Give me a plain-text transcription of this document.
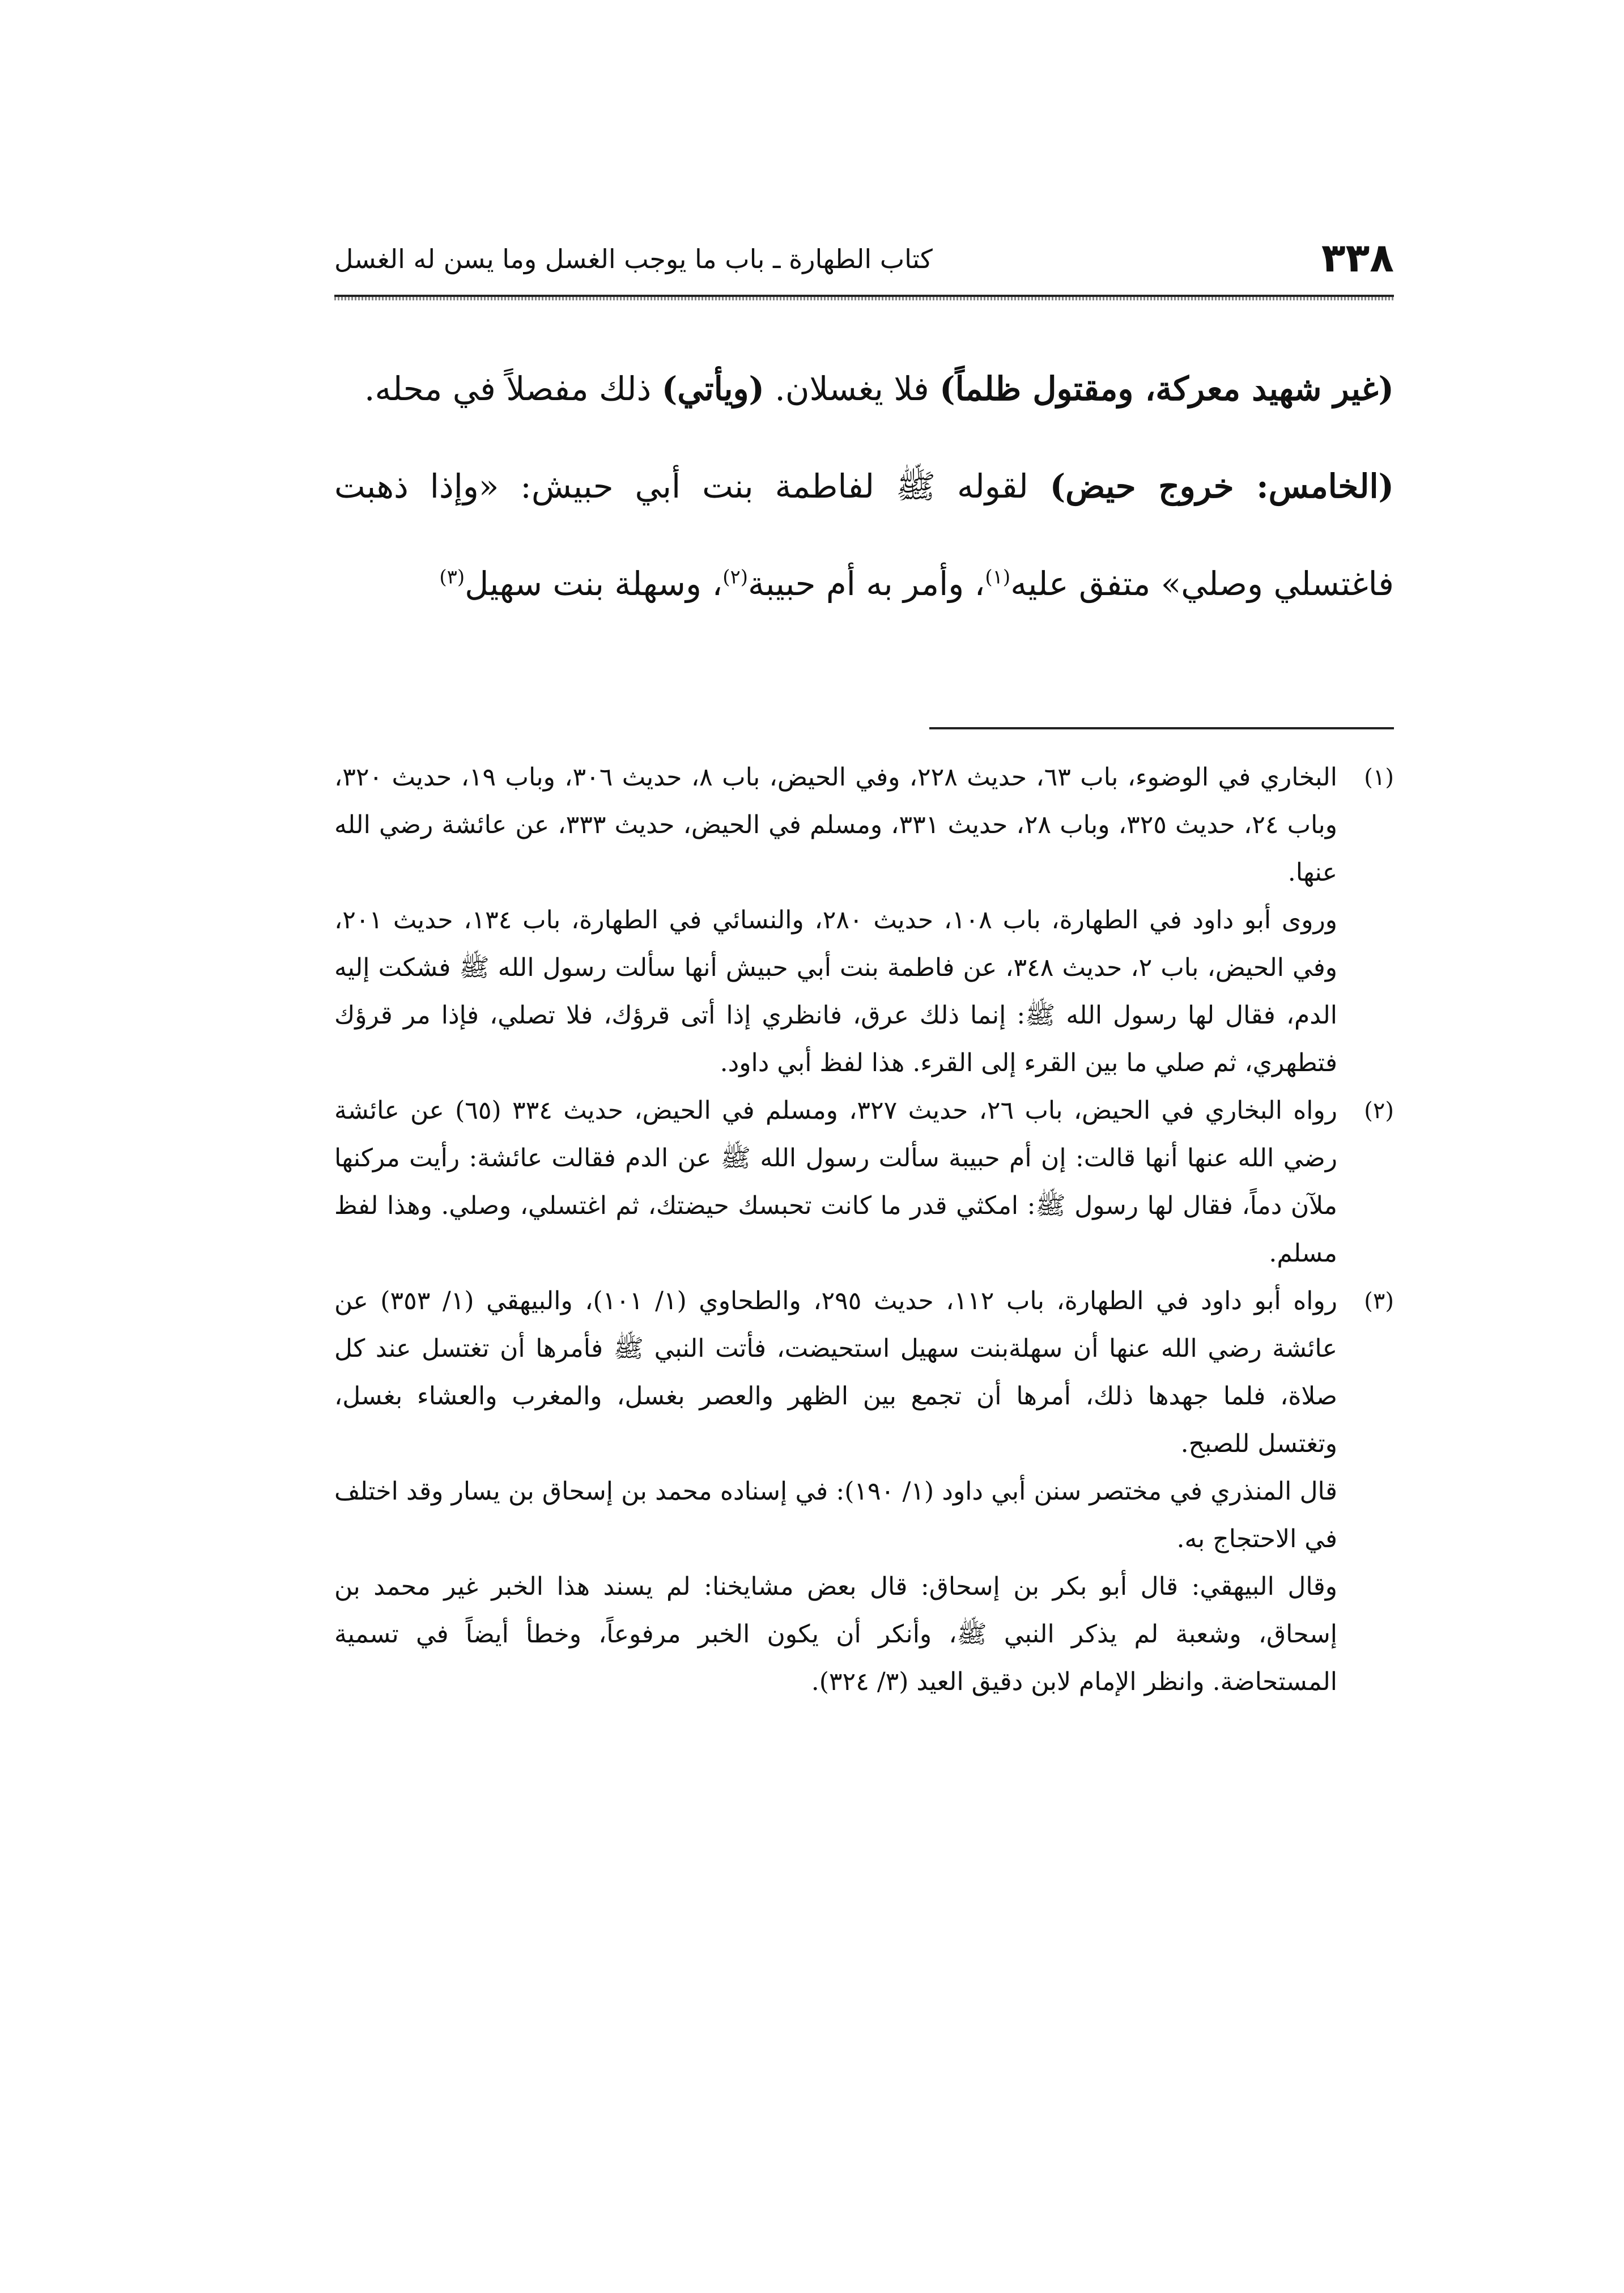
٣٣٨
كتاب الطهارة ـ باب ما يوجب الغسل وما يسن له الغسل

(غير شهيد معركة، ومقتول ظلماً) فلا يغسلان. (ويأتي) ذلك مفصلاً في محله.

(الخامس: خروج حيض) لقوله ﷺ لفاطمة بنت أبي حبيش: «وإذا ذهبت فاغتسلي وصلي» متفق عليه$^{(١)}$، وأمر به أم حبيبة$^{(٢)}$، وسهلة بنت سهيل$^{(٣)}$

(١)

البخاري في الوضوء، باب ٦٣، حديث ٢٢٨، وفي الحيض، باب ٨، حديث ٣٠٦، وباب ١٩، حديث ٣٢٠، وباب ٢٤، حديث ٣٢٥، وباب ٢٨، حديث ٣٣١، ومسلم في الحيض، حديث ٣٣٣، عن عائشة رضي الله عنها.

وروى أبو داود في الطهارة، باب ١٠٨، حديث ٢٨٠، والنسائي في الطهارة، باب ١٣٤، حديث ٢٠١، وفي الحيض، باب ٢، حديث ٣٤٨، عن فاطمة بنت أبي حبيش أنها سألت رسول الله ﷺ فشكت إليه الدم، فقال لها رسول الله ﷺ: إنما ذلك عرق، فانظري إذا أتى قرؤك، فلا تصلي، فإذا مر قرؤك فتطهري، ثم صلي ما بين القرء إلى القرء. هذا لفظ أبي داود.

(٢)

رواه البخاري في الحيض، باب ٢٦، حديث ٣٢٧، ومسلم في الحيض، حديث ٣٣٤ (٦٥) عن عائشة رضي الله عنها أنها قالت: إن أم حبيبة سألت رسول الله ﷺ عن الدم فقالت عائشة: رأيت مركنها ملآن دماً، فقال لها رسول ﷺ: امكثي قدر ما كانت تحبسك حيضتك، ثم اغتسلي، وصلي. وهذا لفظ مسلم.

(٣)

رواه أبو داود في الطهارة، باب ١١٢، حديث ٢٩٥، والطحاوي (١/ ١٠١)، والبيهقي (١/ ٣٥٣) عن عائشة رضي الله عنها أن سهلةبنت سهيل استحيضت، فأتت النبي ﷺ فأمرها أن تغتسل عند كل صلاة، فلما جهدها ذلك، أمرها أن تجمع بين الظهر والعصر بغسل، والمغرب والعشاء بغسل، وتغتسل للصبح.

قال المنذري في مختصر سنن أبي داود (١/ ١٩٠): في إسناده محمد بن إسحاق بن يسار وقد اختلف في الاحتجاج به.

وقال البيهقي: قال أبو بكر بن إسحاق: قال بعض مشايخنا: لم يسند هذا الخبر غير محمد بن إسحاق، وشعبة لم يذكر النبي ﷺ، وأنكر أن يكون الخبر مرفوعاً، وخطأ أيضاً في تسمية المستحاضة. وانظر الإمام لابن دقيق العيد (٣/ ٣٢٤).
